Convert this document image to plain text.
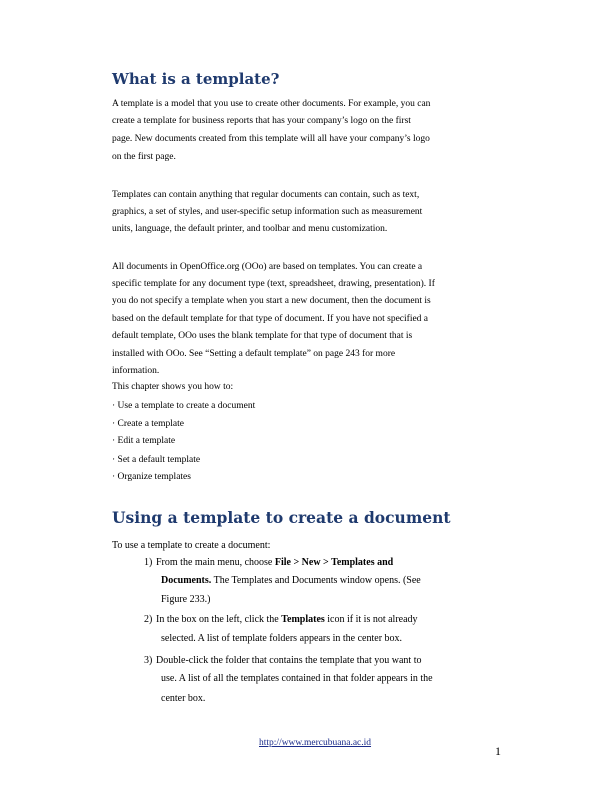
What is a template?
A template is a model that you use to create other documents. For example, you can
create a template for business reports that has your company’s logo on the first
page. New documents created from this template will all have your company’s logo
on the first page.
Templates can contain anything that regular documents can contain, such as text,
graphics, a set of styles, and user-specific setup information such as measurement
units, language, the default printer, and toolbar and menu customization.
All documents in OpenOffice.org (OOo) are based on templates. You can create a
specific template for any document type (text, spreadsheet, drawing, presentation). If
you do not specify a template when you start a new document, then the document is
based on the default template for that type of document. If you have not specified a
default template, OOo uses the blank template for that type of document that is
installed with OOo. See “Setting a default template” on page 243 for more
information.
This chapter shows you how to:
· Use a template to create a document
· Create a template
· Edit a template
· Set a default template
· Organize templates
Using a template to create a document
To use a template to create a document:
1) From the main menu, choose File > New > Templates and
Documents. The Templates and Documents window opens. (See
Figure 233.)
2) In the box on the left, click the Templates icon if it is not already
selected. A list of template folders appears in the center box.
3) Double-click the folder that contains the template that you want to
use. A list of all the templates contained in that folder appears in the
center box.
http://www.mercubuana.ac.id
1
